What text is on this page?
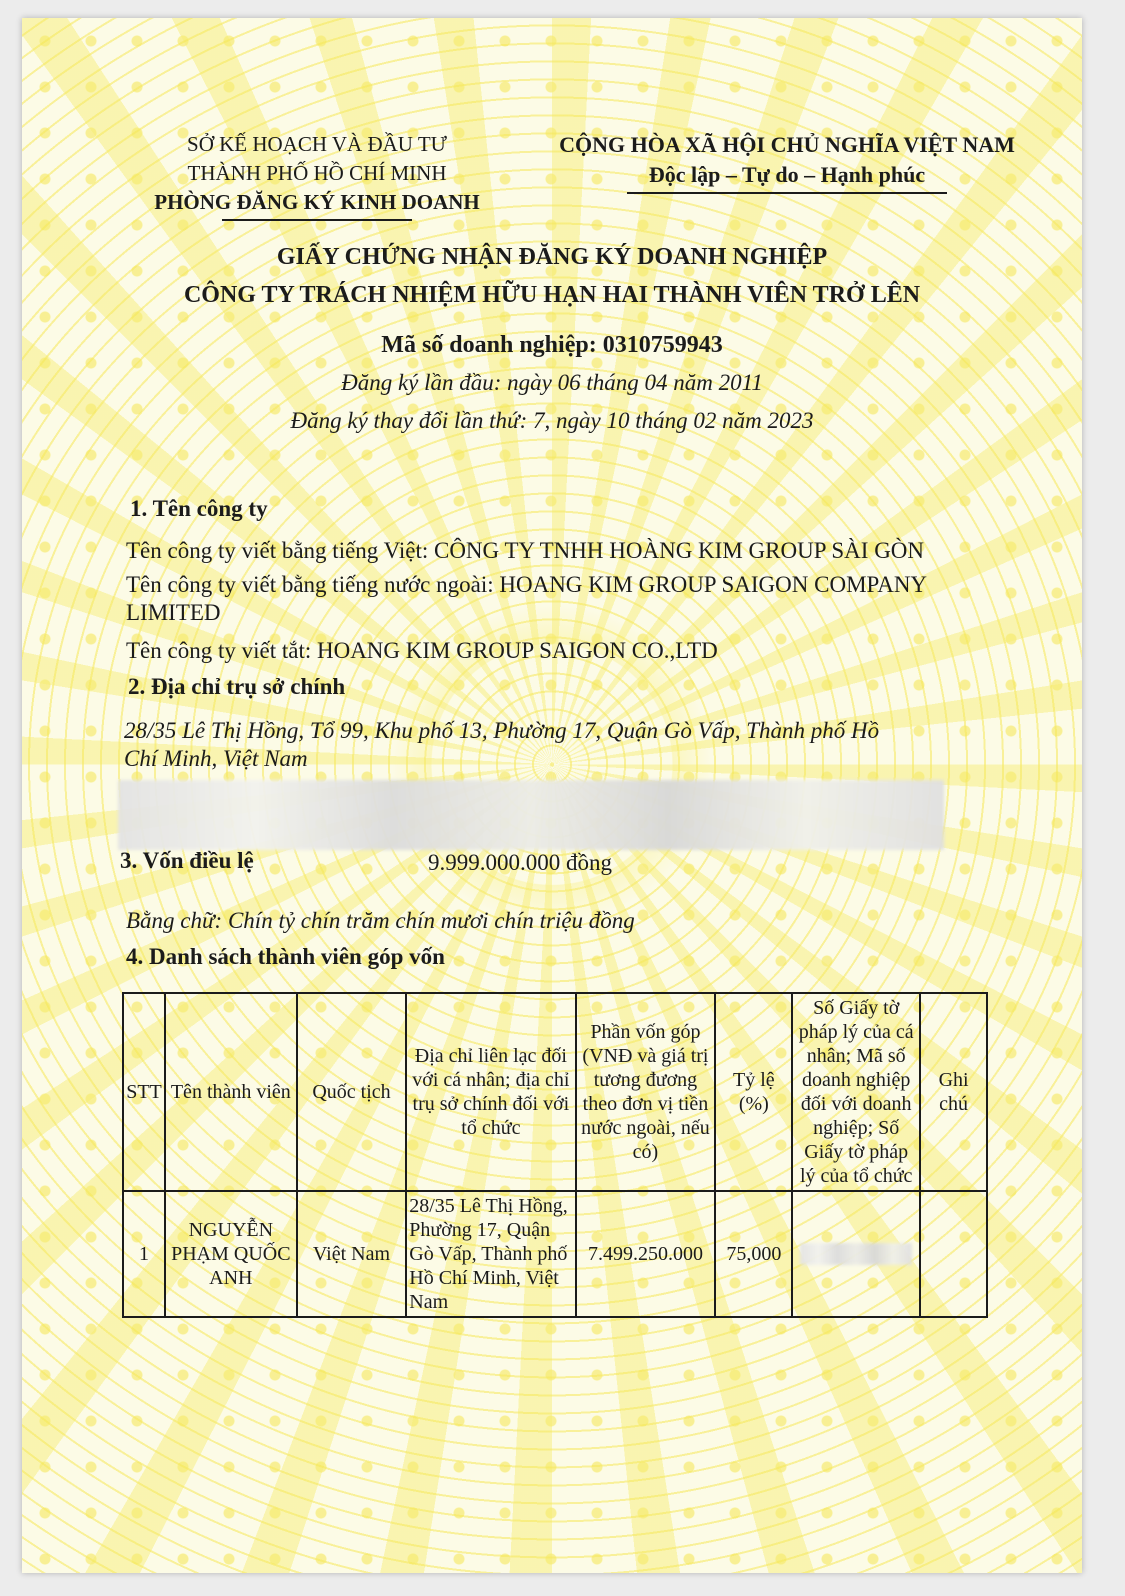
SỞ KẾ HOẠCH VÀ ĐẦU TƯ
THÀNH PHỐ HỒ CHÍ MINH
PHÒNG ĐĂNG KÝ KINH DOANH
CỘNG HÒA XÃ HỘI CHỦ NGHĨA VIỆT NAM
Độc lập – Tự do – Hạnh phúc
GIẤY CHỨNG NHẬN ĐĂNG KÝ DOANH NGHIỆP
CÔNG TY TRÁCH NHIỆM HỮU HẠN HAI THÀNH VIÊN TRỞ LÊN
Mã số doanh nghiệp: 0310759943
Đăng ký lần đầu: ngày 06 tháng 04 năm 2011
Đăng ký thay đổi lần thứ: 7, ngày 10 tháng 02 năm 2023
1. Tên công ty
Tên công ty viết bằng tiếng Việt: CÔNG TY TNHH HOÀNG KIM GROUP SÀI GÒN
Tên công ty viết bằng tiếng nước ngoài: HOANG KIM GROUP SAIGON COMPANY
LIMITED
Tên công ty viết tắt: HOANG KIM GROUP SAIGON CO.,LTD
2. Địa chỉ trụ sở chính
28/35 Lê Thị Hồng, Tổ 99, Khu phố 13, Phường 17, Quận Gò Vấp, Thành phố Hồ
Chí Minh, Việt Nam
3. Vốn điều lệ	9.999.000.000 đồng
Bằng chữ: Chín tỷ chín trăm chín mươi chín triệu đồng
4. Danh sách thành viên góp vốn
STT	Tên thành viên	Quốc tịch	Địa chỉ liên lạc đối với cá nhân; địa chỉ trụ sở chính đối với tổ chức	Phần vốn góp (VNĐ và giá trị tương đương theo đơn vị tiền nước ngoài, nếu có)	Tỷ lệ (%)	Số Giấy tờ pháp lý của cá nhân; Mã số doanh nghiệp đối với doanh nghiệp; Số Giấy tờ pháp lý của tổ chức	Ghi chú
1	NGUYỄN PHẠM QUỐC ANH	Việt Nam	28/35 Lê Thị Hồng, Phường 17, Quận Gò Vấp, Thành phố Hồ Chí Minh, Việt Nam	7.499.250.000	75,000	
